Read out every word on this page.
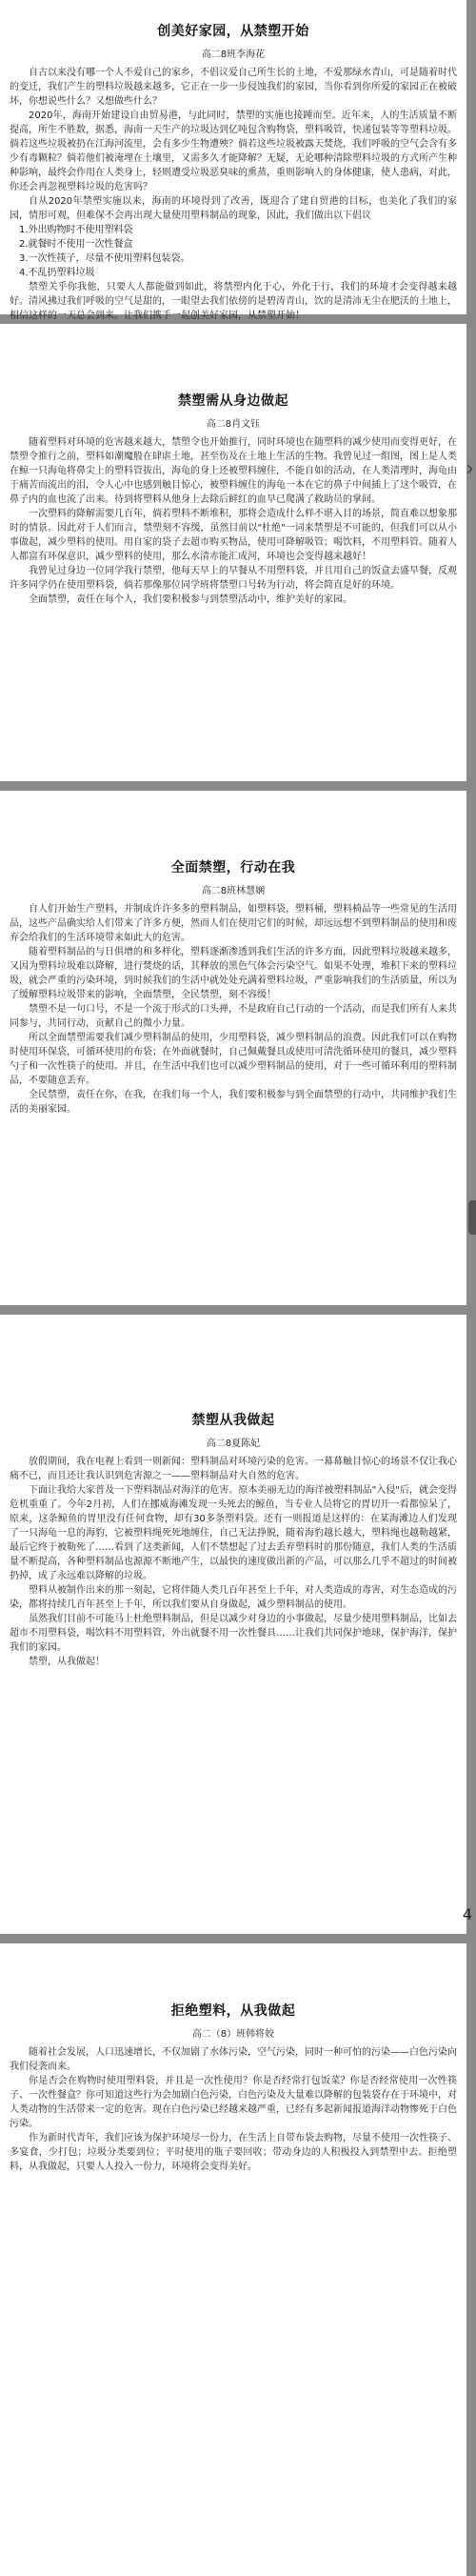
创美好家园，从禁塑开始
高二8班李海花

自古以来没有哪一个人不爱自己的家乡，不倡议爱自己所生长的土地，不爱那绿水青山，可是随着时代的变迁，我们产生的塑料垃圾越来越多，它正在一步一步侵蚀我们的家园，当你看到你所爱的家园正在被破坏，你想说些什么？又想做些什么？

2020年，海南开始建设自由贸易港，与此同时，禁塑的实施也接踵而至。近年来，人的生活质量不断提高，所生不胜数，据悉，海南一天生产的垃圾达到亿吨包含购物袋，塑料吸管，快递包装等等塑料垃圾。倘若这些垃圾被扔在江海河流里，会有多少生物遭殃？倘若这些垃圾被露天焚烧，我们呼吸的空气会含有多少有毒颗粒？倘若他们被淹埋在土壤里，又需多久才能降解？无疑，无论哪种清除塑料垃圾的方式所产生种种影响，最终会作用在人类身上，轻则遭受垃圾恶臭味的熏蒸，重则影响人的身体健康，使人患病，对此，你还会再忽视塑料垃圾的危害吗？

自从2020年禁塑实施以来，海南的环境得到了改善，既迎合了建自贸港的目标，也美化了我们的家园，情形可观，但难保不会再出现大量使用塑料制品的现象，因此，我们做出以下倡议

1.外出购物时不使用塑料袋

2.就餐时不使用一次性餐盒

3.一次性筷子，尽量不使用塑料包装袋。

4.不乱扔塑料垃圾

禁塑关乎你我他，只要人人都能做到如此，将禁塑内化于心，外化于行，我们的环境才会变得越来越好。清风拂过我们呼吸的空气是甜的，一眼望去我们依傍的是碧涛青山，饮的是清沛无尘在肥沃的土地上，相信这样的一天总会到来。让我们携手一起创美好家园，从禁塑开始！

禁塑需从身边做起
高二8肖文钰

随着塑料对环境的危害越来越大，禁塑令也开始推行，同时环境也在随塑料的减少使用而变得更好，在禁塑令推行之前，塑料如潮魔般在肆虐土地，甚至伤及在土地上生活的生物。我曾见过一组图，图上是人类在鲸一只海龟将鼻尖上的塑料管拔出，海龟的身上还被塑料缠住，不能自如的活动，在人类清理时，海龟由于痛苦而流出的泪，令人心中也感到触目惊心，被塑料缠住的海龟一本在它的鼻子中间插上了这个吸管，在鼻子内的血也流了出来。待到将塑料从他身上去除后鲜红的血早已爬满了救助员的掌间。

一次塑料的降解需要几百年，倘若塑料不断堆积，那将会造成什么样不堪入目的场景，简直难以想象那时的情景。因此对于人们而言，禁塑刻不容缓，虽然目前以"杜绝"一词来禁塑是不可能的，但我们可以从小事做起，减少塑料的使用。用自家的袋子去超市购买物品，使用可降解吸管；喝饮料，不用塑料管。随着人人都富有环保意识，减少塑料的使用，那么水清赤能汇成河，环境也会变得越来越好！

我曾见过身边一位同学我行禁塑，他每天早上的早餐从不用塑料袋，并且用自己的饭盒去盛早餐，反观许多同学仍在使用塑料袋，倘若那像那位同学班将禁塑口号转为行动，将会简直是好的环境。

全面禁塑，责任在每个人，我们要积极参与到禁塑活动中，维护美好的家园。

›
全面禁塑，行动在我
高二8班林慧娴

自人们开始生产塑料，并制成许许多多的塑料制品，如塑料袋，塑料桶，塑料椅品等一些常见的生活用品，这些产品确实给人们带来了许多方便，然而人们在使用它们的时候，却远远想不到塑料制品的使用和废弃会给我们的生活环境带来如此大的危害。

随着塑料制品的与日俱增的和多样化，塑料逐渐渗透到我们生活的许多方面，因此塑料垃圾越来越多，又因为塑料垃圾难以降解，进行焚烧的话，其释放的黑色气体会污染空气。如果不处理，堆积下来的塑料垃圾，就会严重的污染环境，到时候我们的生活中就处处充满着塑料垃圾，严重影响我们的生活质量，所以为了缓解塑料垃圾带来的影响，全面禁塑，全民禁塑，刻不容缓！

禁塑不是一句口号，不是一个流于形式的口头禅，不是政府自己行动的一个活动，而是我们所有人来共同参与，共同行动，贡献自己的微小力量。

所以全面禁塑需要我们减少塑料制品的使用，少用塑料袋，减少塑料制品的浪费。因此我们可以在购物时使用环保袋，可循环使用的布袋；在外面就餐时，自己佩戴餐具或使用可清洗循环使用的餐具，减少塑料勺子和一次性筷子的使用。并且，在生活中我们也可以减少塑料制品的使用，对于一些可循环利用的塑料制品，不要随意丢弃。

全民禁塑，责任在你，在我，在我们每一个人，我们要积极参与到全面禁塑的行动中，共同维护我们生活的美丽家园。

禁塑从我做起
高二8夏陈妃

放假期间，我在电视上看到一则新闻：塑料制品对环境污染的危害。一幕幕触目惊心的场景不仅让我心痛不已，而且还让我认识到危害源之一——塑料制品对大自然的危害。

下面让我给大家普及一下塑料制品对海洋的危害。原本美丽无边的海洋被塑料制品"入侵"后，就会变得危机重重了。今年2月初，人们在挪威海滩发现一头死去的鲸鱼，当专业人员将它的胃切开一看都惊呆了，原来，这条鲸鱼的胃里没有任何食物，却有30多条塑料袋。还有一则报道是这样的：在某海滩边人们发现了一只海龟一息的海豹，它被塑料绳死死地缠住，自己无法挣脱，随着海豹越长越大，塑料绳也越勒越紧，最后它终于被勒死了……看到了这类新闻，人们不禁想起了过去丢弃塑料时的那份随意，我们人类的生活质量不断提高，各种塑料制品也源源不断地产生，以最快的速度做出新的产品，可以那么几乎不超过的时间被扔掉，成了永远难以降解的垃圾。

塑料从被制作出来的那一刻起，它将伴随人类几百年甚至上千年，对人类造成的毒害，对生态造成的污染，都将持续几百年甚至上千年，所以我们要从自身做起，减少塑料制品的使用。

虽然我们目前不可能马上杜绝塑料制品，但是以减少对身边的小事做起，尽量少使用塑料制品，比如去超市不用塑料袋，喝饮料不用塑料管，外出就餐不用一次性餐具……让我们共同保护地球，保护海洋，保护我们的家园。

禁塑，从我做起！

4
拒绝塑料，从我做起
高二（8）班韩将姣

随着社会发展，人口迅速增长，不仅加剧了水体污染，空气污染，同时一种可怕的污染——白色污染向我们侵袭而来。

你是否会在购物时使用塑料袋，并且是一次性使用？你是否经常打包饭菜？你是否经常使用一次性筷子、一次性餐盒？你可知道这些行为会加剧白色污染，白色污染及大量难以降解的包装袋存在于环境中，对人类动物的生活带来一定的危害。现在白色污染已经越来越严重，已经有多起新闻报道海洋动物惨死于白色污染。

作为新时代青年，我们应该为保护环境尽一份力，在生活上自带布袋去购物，尽量不使用一次性筷子、多宴食，少打包；垃圾分类要到位；平时使用的瓶子要回收；带动身边的人积极投入到禁塑中去。拒绝塑料，从我做起，只要人人投入一份力，环境将会变得美好。
